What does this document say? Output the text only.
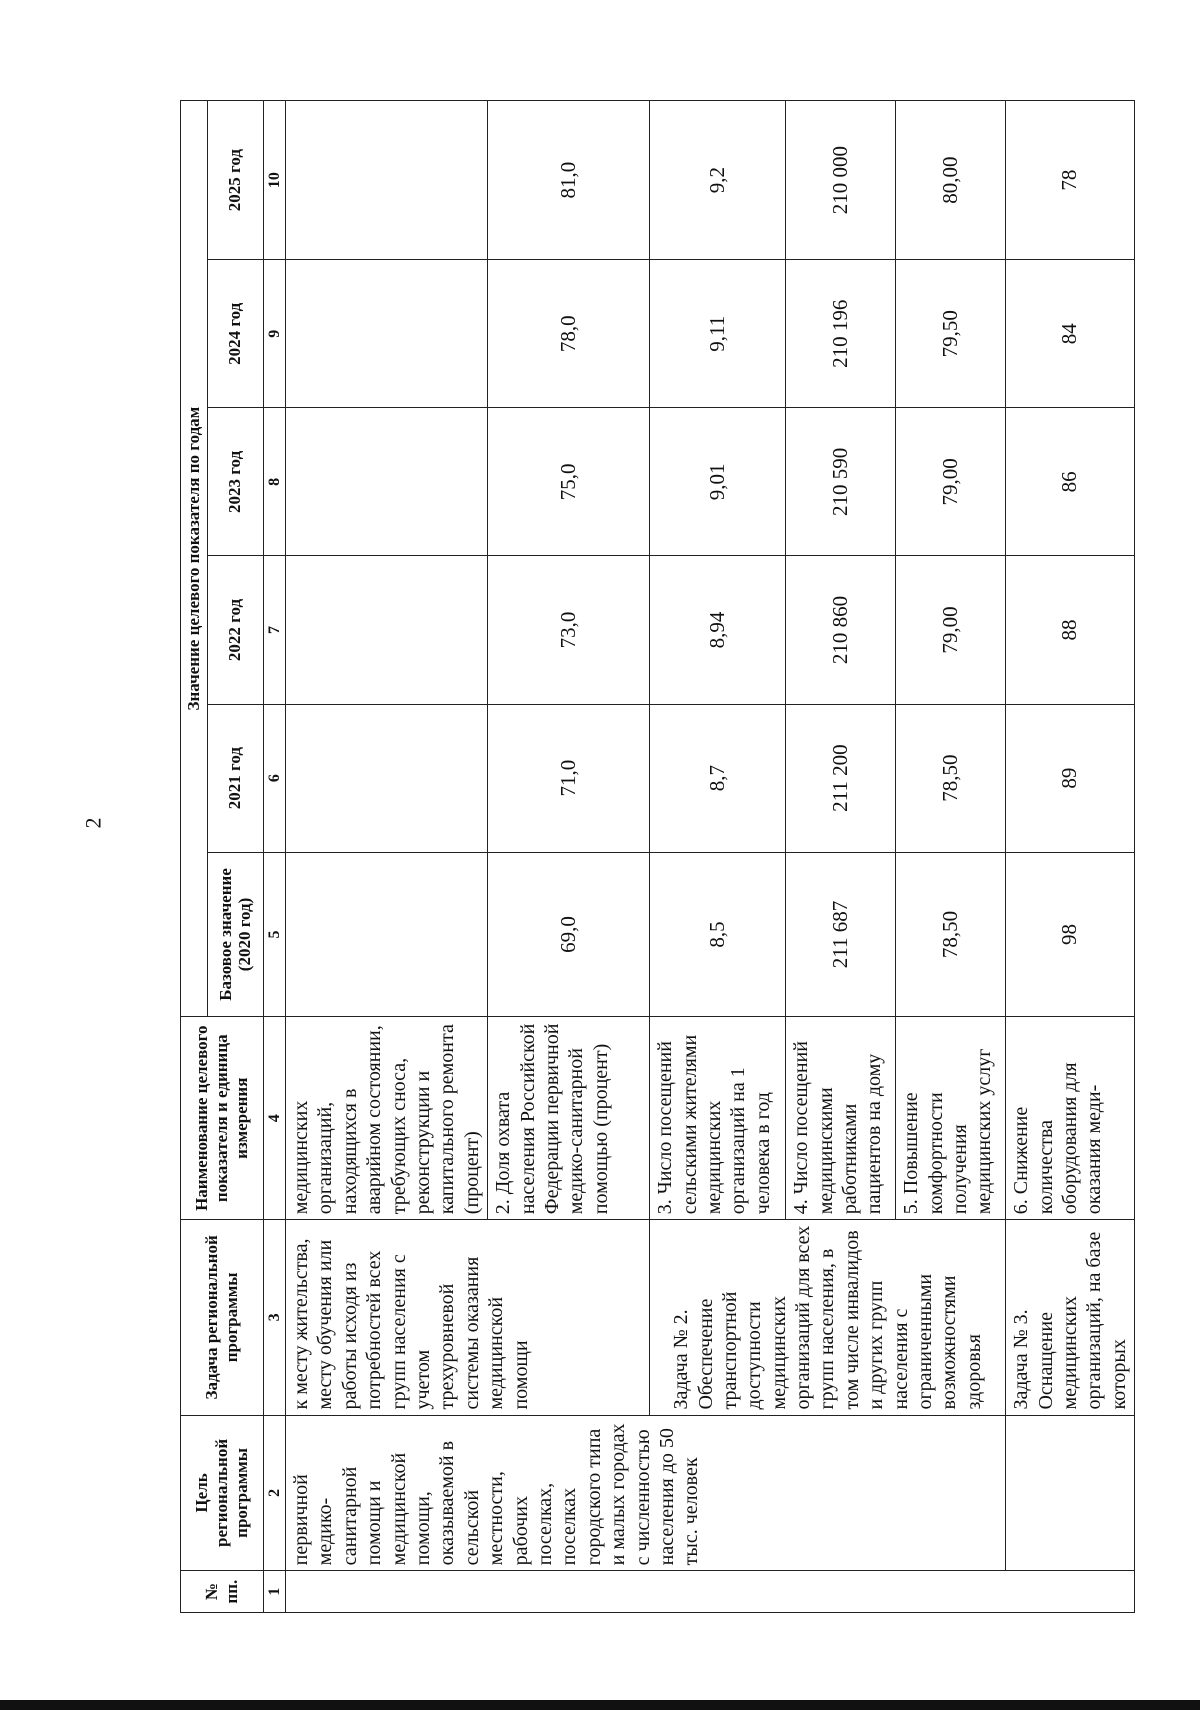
2
№ пп.	Цель региональной программы	Задача региональной программы	Наименование целевого показателя и единица измерения	Значение целевого показателя по годам					
				Базовое значение (2020 год)	2021 год	2022 год	2023 год	2024 год	2025 год
1	2	3	4	5	6	7	8	9	10
	первичной медико-санитарной помощи и медицинской помощи, оказываемой в сельской местности, рабочих поселках, поселках городского типа и малых городах с численностью населения до 50 тыс. человек	к месту жительства, месту обучения или работы исходя из потребностей всех групп населения с учетом трехуровневой системы оказания медицинской помощи	медицинских организаций, находящихся в аварийном состоянии, требующих сноса, реконструкции и капитального ремонта (процент)						
			2. Доля охвата населения Российской Федерации первичной медико-санитарной помощью (процент)	69,0	71,0	73,0	75,0	78,0	81,0
		Задача № 2. Обеспечение транспортной доступности медицинских организаций для всех групп населения, в том числе инвалидов и других групп населения с ограниченными возможностями здоровья	3. Число посещений сельскими жителями медицинских организаций на 1 человека в год	8,5	8,7	8,94	9,01	9,11	9,2
			4. Число посещений медицинскими работниками пациентов на дому	211 687	211 200	210 860	210 590	210 196	210 000
			5. Повышение комфортности получения медицинских услуг	78,50	78,50	79,00	79,00	79,50	80,00
		Задача № 3. Оснащение медицинских организаций, на базе которых	6. Снижение количества оборудования для оказания меди-	98	89	88	86	84	78
